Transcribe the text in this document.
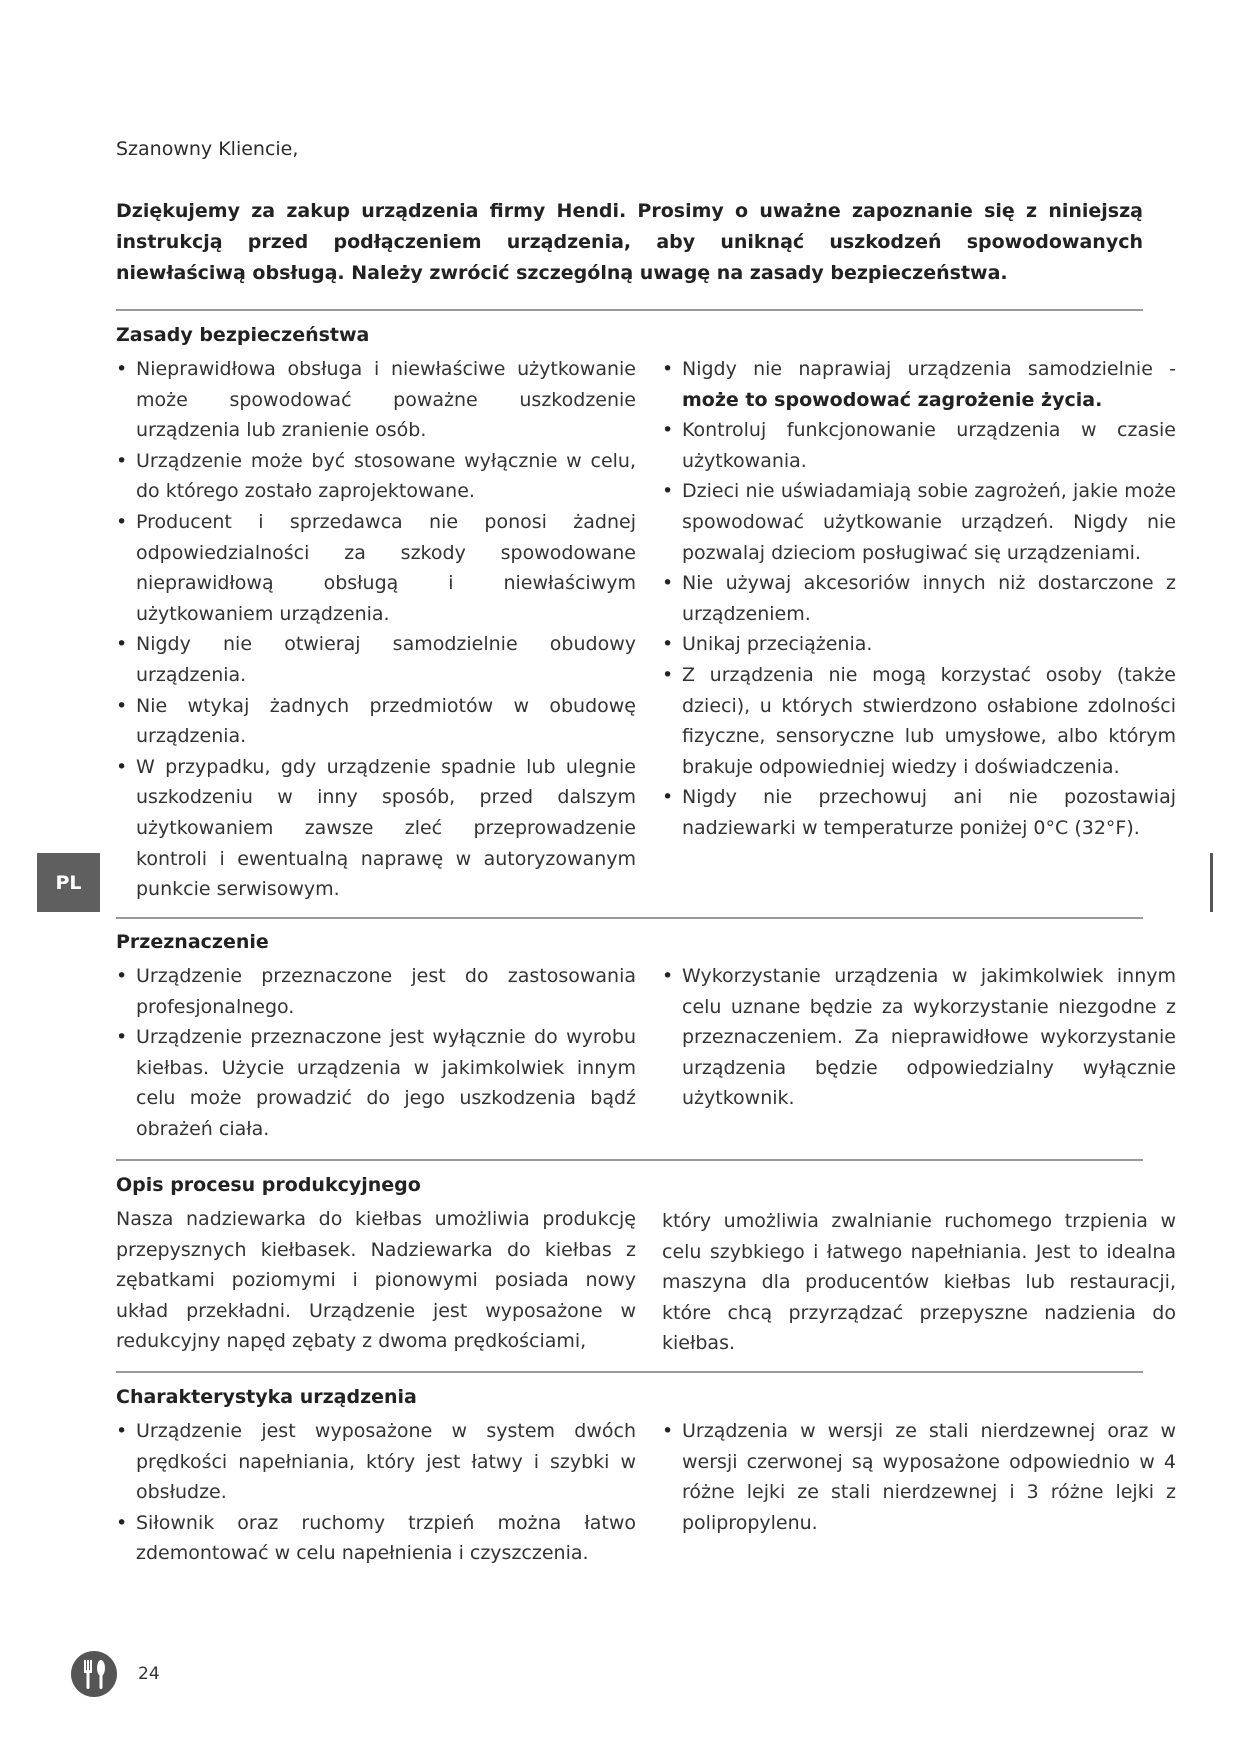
Szanowny Kliencie,
Dziękujemy za zakup urządzenia firmy Hendi. Prosimy o uważne zapoznanie się z niniejszą instrukcją przed podłączeniem urządzenia, aby uniknąć uszkodzeń spowodowanych niewłaściwą obsługą. Należy zwrócić szczególną uwagę na zasady bezpieczeństwa.
Zasady bezpieczeństwa
• Nieprawidłowa obsługa i niewłaściwe użytkowanie może spowodować poważne uszkodzenie urządzenia lub zranienie osób.
• Urządzenie może być stosowane wyłącznie w celu, do którego zostało zaprojektowane.
• Producent i sprzedawca nie ponosi żadnej odpowiedzialności za szkody spowodowane nieprawidłową obsługą i niewłaściwym użytkowaniem urządzenia.
• Nigdy nie otwieraj samodzielnie obudowy urządzenia.
• Nie wtykaj żadnych przedmiotów w obudowę urządzenia.
• W przypadku, gdy urządzenie spadnie lub ulegnie uszkodzeniu w inny sposób, przed dalszym użytkowaniem zawsze zleć przeprowadzenie kontroli i ewentualną naprawę w autoryzowanym punkcie serwisowym.
• Nigdy nie naprawiaj urządzenia samodzielnie - może to spowodować zagrożenie życia.
• Kontroluj funkcjonowanie urządzenia w czasie użytkowania.
• Dzieci nie uświadamiają sobie zagrożeń, jakie może spowodować użytkowanie urządzeń. Nigdy nie pozwalaj dzieciom posługiwać się urządzeniami.
• Nie używaj akcesoriów innych niż dostarczone z urządzeniem.
• Unikaj przeciążenia.
• Z urządzenia nie mogą korzystać osoby (także dzieci), u których stwierdzono osłabione zdolności fizyczne, sensoryczne lub umysłowe, albo którym brakuje odpowiedniej wiedzy i doświadczenia.
• Nigdy nie przechowuj ani nie pozostawiaj nadziewarki w temperaturze poniżej 0°C (32°F).
Przeznaczenie
• Urządzenie przeznaczone jest do zastosowania profesjonalnego.
• Urządzenie przeznaczone jest wyłącznie do wyrobu kiełbas. Użycie urządzenia w jakimkolwiek innym celu może prowadzić do jego uszkodzenia bądź obrażeń ciała.
• Wykorzystanie urządzenia w jakimkolwiek innym celu uznane będzie za wykorzystanie niezgodne z przeznaczeniem. Za nieprawidłowe wykorzystanie urządzenia będzie odpowiedzialny wyłącznie użytkownik.
Opis procesu produkcyjnego

Nasza nadziewarka do kiełbas umożliwia produkcję przepysznych kiełbasek. Nadziewarka do kiełbas z zębatkami poziomymi i pionowymi posiada nowy układ przekładni. Urządzenie jest wyposażone w redukcyjny napęd zębaty z dwoma prędkościami,

który umożliwia zwalnianie ruchomego trzpienia w celu szybkiego i łatwego napełniania. Jest to idealna maszyna dla producentów kiełbas lub restauracji, które chcą przyrządzać przepyszne nadzienia do kiełbas.

Charakterystyka urządzenia
• Urządzenie jest wyposażone w system dwóch prędkości napełniania, który jest łatwy i szybki w obsłudze.
• Siłownik oraz ruchomy trzpień można łatwo zdemontować w celu napełnienia i czyszczenia.
• Urządzenia w wersji ze stali nierdzewnej oraz w wersji czerwonej są wyposażone odpowiednio w 4 różne lejki ze stali nierdzewnej i 3 różne lejki z polipropylenu.
PL
24
